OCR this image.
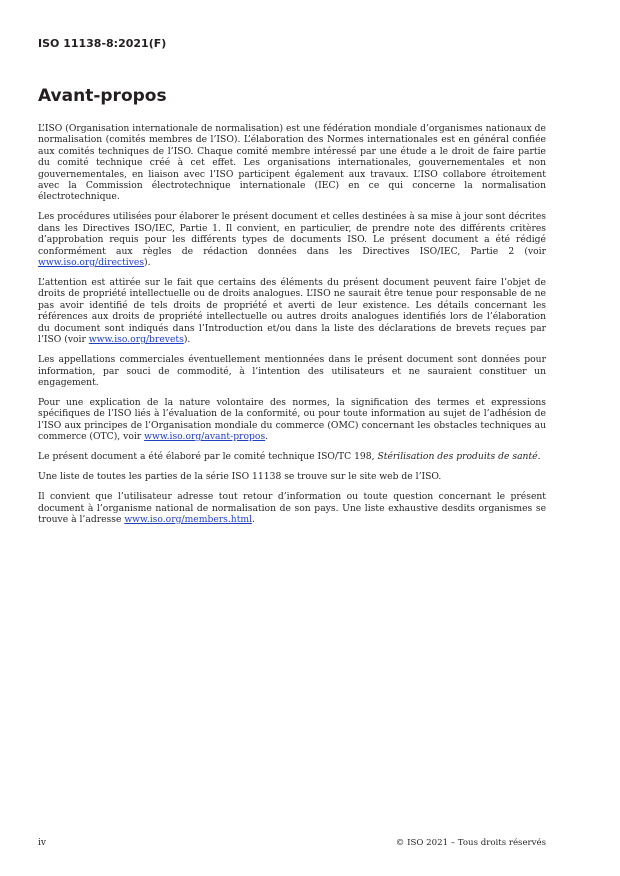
ISO 11138-8:2021(F)
Avant-propos

L’ISO (Organisation internationale de normalisation) est une fédération mondiale d’organismes nationaux de normalisation (comités membres de l’ISO). L’élaboration des Normes internationales est en général confiée aux comités techniques de l’ISO. Chaque comité membre intéressé par une étude a le droit de faire partie du comité technique créé à cet effet. Les organisations internationales, gouvernementales et non gouvernementales, en liaison avec l’ISO participent également aux travaux. L’ISO collabore étroitement avec la Commission électrotechnique internationale (IEC) en ce qui concerne la normalisation électrotechnique.

Les procédures utilisées pour élaborer le présent document et celles destinées à sa mise à jour sont décrites dans les Directives ISO/IEC, Partie 1. Il convient, en particulier, de prendre note des différents critères d’approbation requis pour les différents types de documents ISO. Le présent document a été rédigé conformément aux règles de rédaction données dans les Directives ISO/IEC, Partie 2 (voir www.iso.org/directives).

L’attention est attirée sur le fait que certains des éléments du présent document peuvent faire l’objet de droits de propriété intellectuelle ou de droits analogues. L’ISO ne saurait être tenue pour responsable de ne pas avoir identifié de tels droits de propriété et averti de leur existence. Les détails concernant les références aux droits de propriété intellectuelle ou autres droits analogues identifiés lors de l’élaboration du document sont indiqués dans l’Introduction et/ou dans la liste des déclarations de brevets reçues par l’ISO (voir www.iso.org/brevets).

Les appellations commerciales éventuellement mentionnées dans le présent document sont données pour information, par souci de commodité, à l’intention des utilisateurs et ne sauraient constituer un engagement.

Pour une explication de la nature volontaire des normes, la signification des termes et expressions spécifiques de l’ISO liés à l’évaluation de la conformité, ou pour toute information au sujet de l’adhésion de l’ISO aux principes de l’Organisation mondiale du commerce (OMC) concernant les obstacles techniques au commerce (OTC), voir www.iso.org/avant-propos.

Le présent document a été élaboré par le comité technique ISO/TC 198, Stérilisation des produits de santé.

Une liste de toutes les parties de la série ISO 11138 se trouve sur le site web de l’ISO.

Il convient que l’utilisateur adresse tout retour d’information ou toute question concernant le présent document à l’organisme national de normalisation de son pays. Une liste exhaustive desdits organismes se trouve à l’adresse www.iso.org/members.html.

iv	© ISO 2021 – Tous droits réservés
